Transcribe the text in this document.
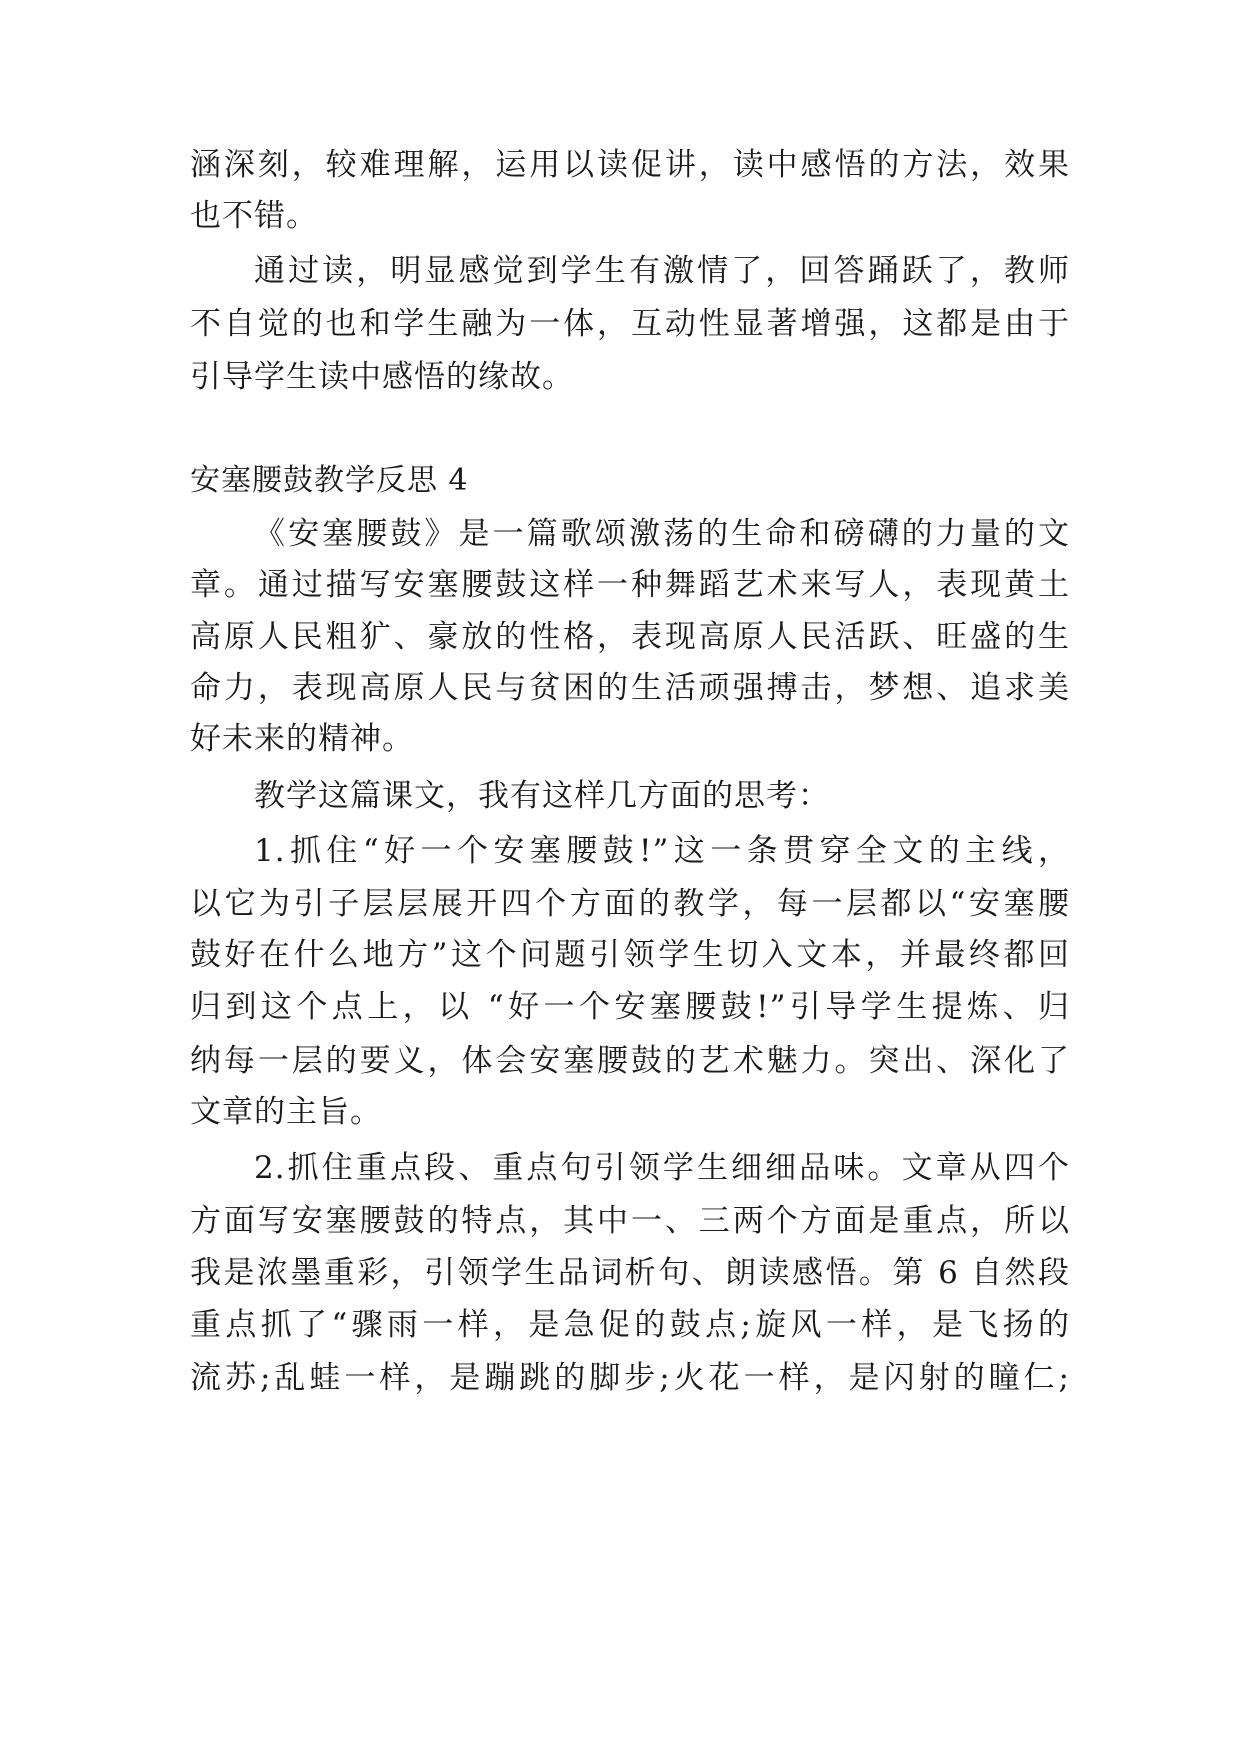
涵深刻，较难理解，运用以读促讲，读中感悟的方法，效果
也不错。
通过读，明显感觉到学生有激情了，回答踊跃了，教师
不自觉的也和学生融为一体，互动性显著增强，这都是由于
引导学生读中感悟的缘故。
安塞腰鼓教学反思 4
《安塞腰鼓》是一篇歌颂激荡的生命和磅礴的力量的文
章。通过描写安塞腰鼓这样一种舞蹈艺术来写人，表现黄土
高原人民粗犷、豪放的性格，表现高原人民活跃、旺盛的生
命力，表现高原人民与贫困的生活顽强搏击，梦想、追求美
好未来的精神。
教学这篇课文，我有这样几方面的思考：
1.抓住“好一个安塞腰鼓!”这一条贯穿全文的主线，
以它为引子层层展开四个方面的教学，每一层都以“安塞腰
鼓好在什么地方”这个问题引领学生切入文本，并最终都回
归到这个点上，以 “好一个安塞腰鼓!”引导学生提炼、归
纳每一层的要义，体会安塞腰鼓的艺术魅力。突出、深化了
文章的主旨。
2.抓住重点段、重点句引领学生细细品味。文章从四个
方面写安塞腰鼓的特点，其中一、三两个方面是重点，所以
我是浓墨重彩，引领学生品词析句、朗读感悟。第 6 自然段
重点抓了“骤雨一样，是急促的鼓点;旋风一样，是飞扬的
流苏;乱蛙一样，是蹦跳的脚步;火花一样，是闪射的瞳仁;
